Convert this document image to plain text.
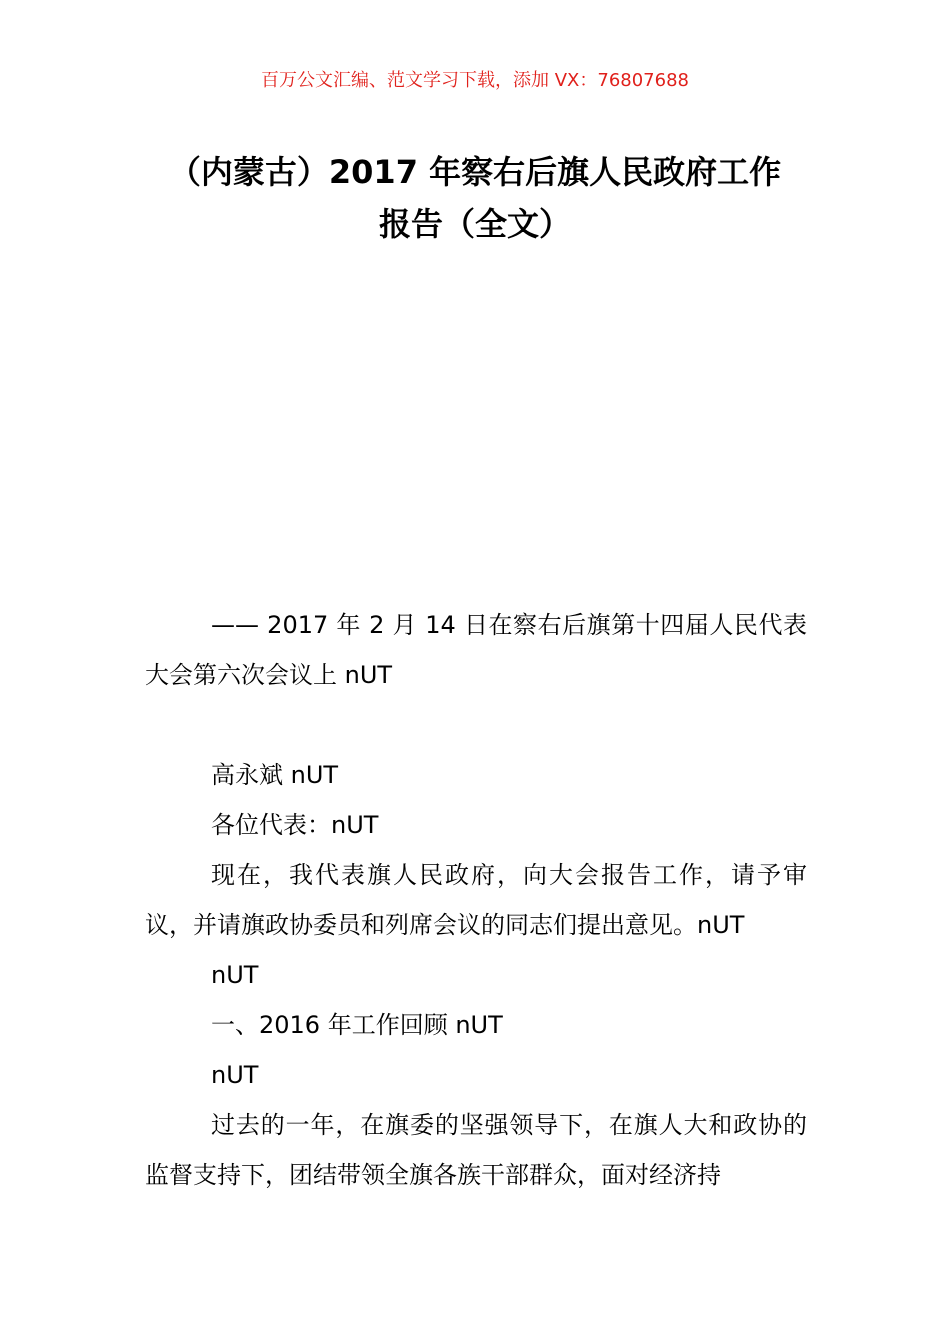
百万公文汇编、范文学习下载，添加 VX：76807688
（内蒙古）2017 年察右后旗人民政府工作
报告（全文）

—— 2017 年 2 月 14 日在察右后旗第十四届人民代表大会第六次会议上 nUT

高永斌 nUT

各位代表：nUT

现在，我代表旗人民政府，向大会报告工作，请予审议，并请旗政协委员和列席会议的同志们提出意见。nUT

nUT

一、2016 年工作回顾 nUT

nUT

过去的一年，在旗委的坚强领导下，在旗人大和政协的监督支持下，团结带领全旗各族干部群众，面对经济持
